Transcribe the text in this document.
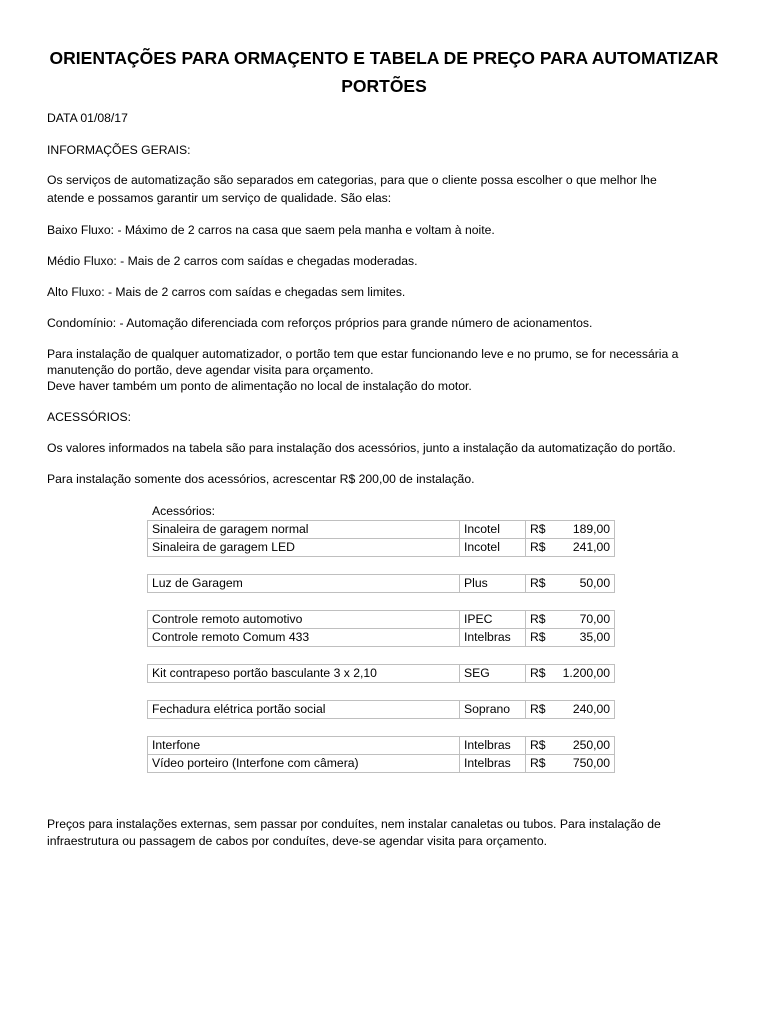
ORIENTAÇÕES PARA ORMAÇENTO E TABELA DE PREÇO PARA AUTOMATIZAR PORTÕES
DATA 01/08/17
INFORMAÇÕES GERAIS:
Os serviços de automatização são separados em categorias, para que o cliente possa escolher o que melhor lhe
atende e possamos garantir um serviço de qualidade. São elas:
Baixo Fluxo: - Máximo de 2 carros na casa que saem pela manha e voltam à noite.
Médio Fluxo: - Mais de 2 carros com saídas e chegadas moderadas.
Alto Fluxo: - Mais de 2 carros com saídas e chegadas sem limites.
Condomínio: - Automação diferenciada com reforços próprios para grande número de acionamentos.
Para instalação de qualquer automatizador, o portão tem que estar funcionando leve e no prumo, se for necessária a
manutenção do portão, deve agendar visita para orçamento.
Deve haver também um ponto de alimentação no local de instalação do motor.
ACESSÓRIOS:
Os valores informados na tabela são para instalação dos acessórios, junto a instalação da automatização do portão.
Para instalação somente dos acessórios, acrescentar R$ 200,00 de instalação.
Acessórios:
Sinaleira de garagem normal	Incotel	R$	189,00
Sinaleira de garagem LED	Incotel	R$	241,00

Luz de Garagem	Plus	R$	50,00

Controle remoto automotivo	IPEC	R$	70,00
Controle remoto Comum 433	Intelbras	R$	35,00

Kit contrapeso portão basculante 3 x 2,10	SEG	R$	1.200,00

Fechadura elétrica portão social	Soprano	R$	240,00

Interfone	Intelbras	R$	250,00
Vídeo porteiro (Interfone com câmera)	Intelbras	R$	750,00
Preços para instalações externas, sem passar por conduítes, nem instalar canaletas ou tubos. Para instalação de
infraestrutura ou passagem de cabos por conduítes, deve-se agendar visita para orçamento.
